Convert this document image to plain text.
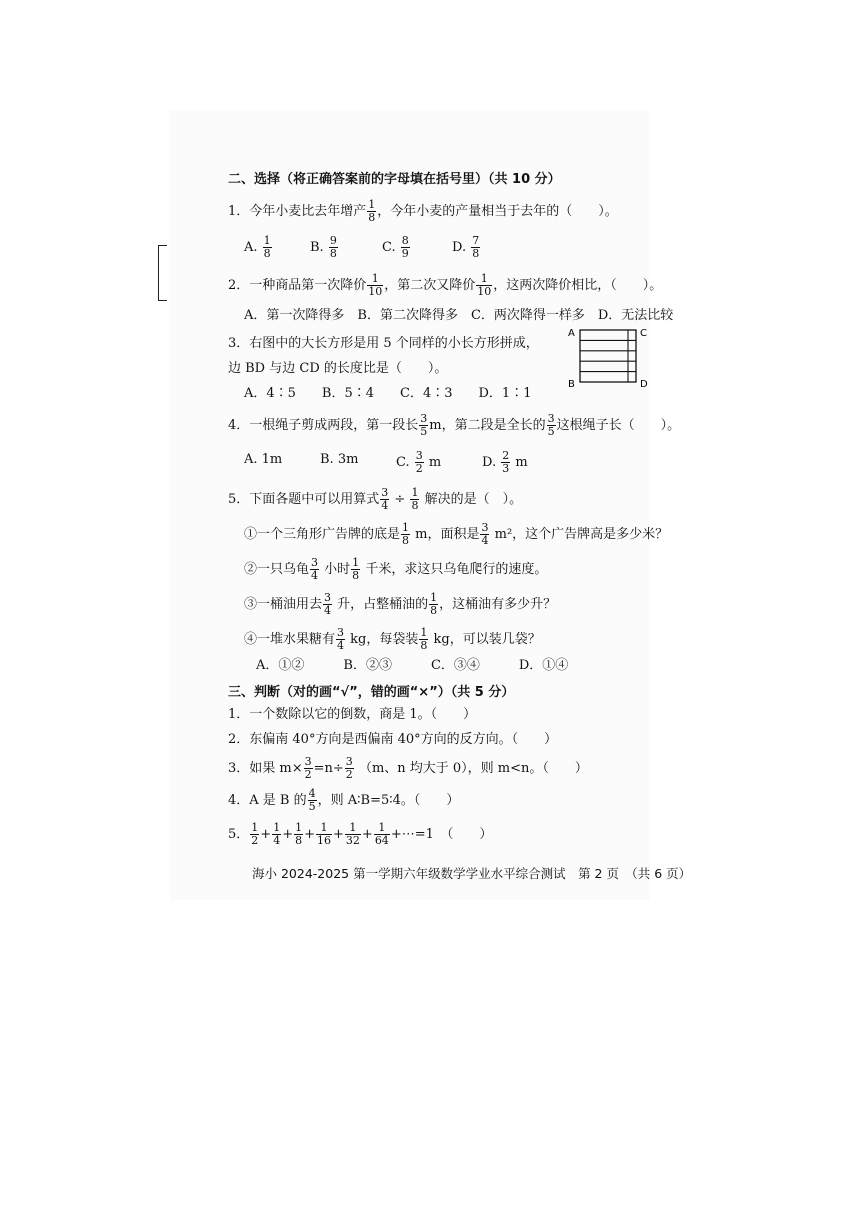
二、选择（将正确答案前的字母填在括号里）（共 10 分）
1．今年小麦比去年增产 $\frac{1}{8}$ ，今年小麦的产量相当于去年的（　　）。
A. $\frac{1}{8}$	B. $\frac{9}{8}$	C. $\frac{8}{9}$	D. $\frac{7}{8}$
2．一种商品第一次降价 $\frac{1}{10}$ ，第二次又降价 $\frac{1}{10}$ ，这两次降价相比，（　　）。
A．第一次降得多　B．第二次降得多　C．两次降得一样多　D．无法比较
3．右图中的大长方形是用 5 个同样的小长方形拼成，
边 BD 与边 CD 的长度比是（　　）。
A．4∶5　　B．5∶4　　C．4∶3　　D．1∶1
A	C
B	D
4．一根绳子剪成两段，第一段长 $\frac{3}{5}$ m，第二段是全长的 $\frac{3}{5}$ 这根绳子长（　　）。
A. 1m	B. 3m	C. $\frac{3}{2}$ m	D. $\frac{2}{3}$ m
5．下面各题中可以用算式 $\frac{3}{4} \div \frac{1}{8}$ 解决的是（　）。
①一个三角形广告牌的底是 $\frac{1}{8}$ m，面积是 $\frac{3}{4} m^2$，这个广告牌高是多少米？
②一只乌龟 $\frac{3}{4}$ 小时 $\frac{1}{8}$ 千米，求这只乌龟爬行的速度。
③一桶油用去 $\frac{3}{4}$ 升，占整桶油的 $\frac{1}{8}$ ，这桶油有多少升？
④一堆水果糖有 $\frac{3}{4}$ kg，每袋装 $\frac{1}{8}$ kg，可以装几袋？
A．①②　　　B．②③　　　C．③④　　　D．①④
三、判断（对的画“√”，错的画“×”）（共 5 分）
1．一个数除以它的倒数，商是 1。（　　）
2．东偏南 40°方向是西偏南 40°方向的反方向。（　　）
3．如果 $m\times \frac{3}{2} =n\div \frac{3}{2} (m$、n 均大于 0），则 m<n。（　　）
4．A 是 B 的 $\frac{4}{5}$ ，则 A∶B=5∶4。（　　）
5． $\frac{1}{2} + \frac{1}{4} + \frac{1}{8} + \frac{1}{16} + \frac{1}{32} + \frac{1}{64}$ +⋯=1　（　　）
海小 2024-2025 第一学期六年级数学学业水平综合测试　第 2 页　（共 6 页）
